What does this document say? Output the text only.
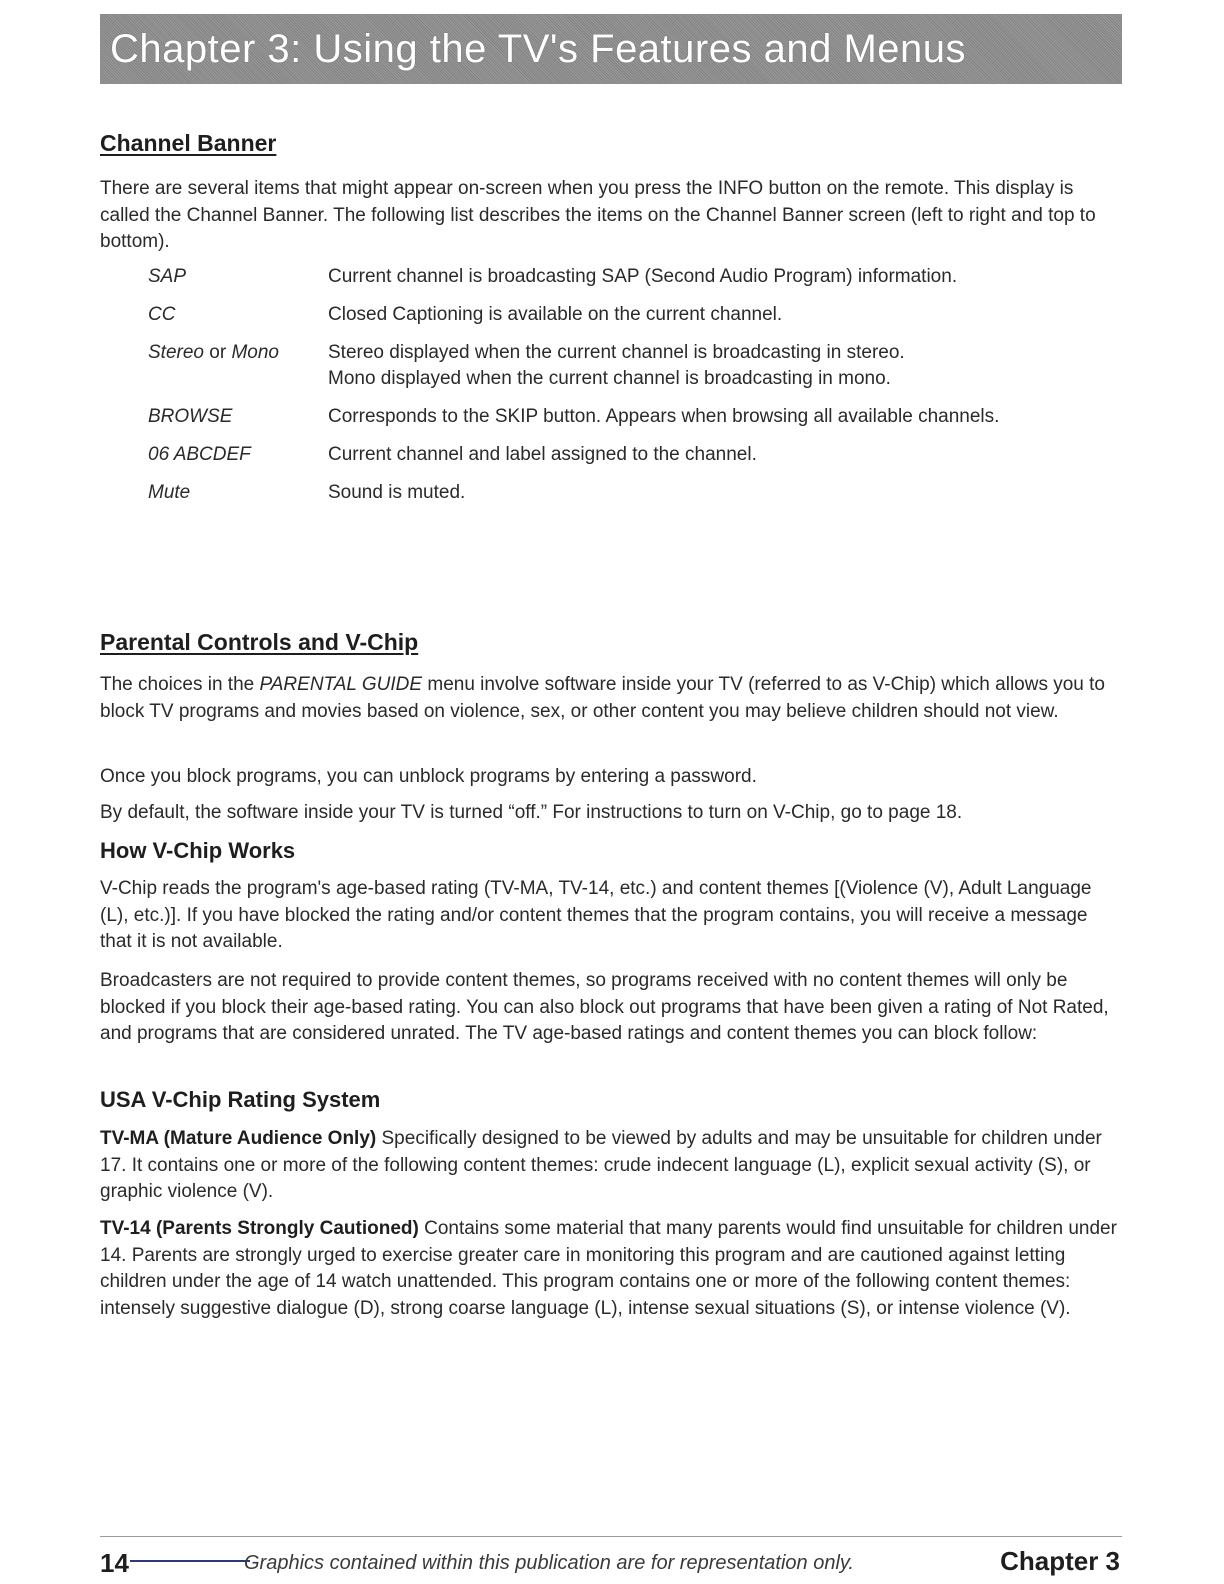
Chapter 3: Using the TV's Features and Menus
Channel Banner

There are several items that might appear on-screen when you press the INFO button on the remote. This display is called the Channel Banner. The following list describes the items on the Channel Banner screen (left to right and top to bottom).

SAP	Current channel is broadcasting SAP (Second Audio Program) information.
CC	Closed Captioning is available on the current channel.
Stereo or Mono	Stereo displayed when the current channel is broadcasting in stereo.
Mono displayed when the current channel is broadcasting in mono.
BROWSE	Corresponds to the SKIP button. Appears when browsing all available channels.
06 ABCDEF	Current channel and label assigned to the channel.
Mute	Sound is muted.
Parental Controls and V-Chip

The choices in the PARENTAL GUIDE menu involve software inside your TV (referred to as V-Chip) which allows you to block TV programs and movies based on violence, sex, or other content you may believe children should not view.

Once you block programs, you can unblock programs by entering a password.

By default, the software inside your TV is turned “off.” For instructions to turn on V-Chip, go to page 18.

How V-Chip Works

V-Chip reads the program's age-based rating (TV-MA, TV-14, etc.) and content themes [(Violence (V), Adult Language (L), etc.)]. If you have blocked the rating and/or content themes that the program contains, you will receive a message that it is not available.

Broadcasters are not required to provide content themes, so programs received with no content themes will only be blocked if you block their age-based rating. You can also block out programs that have been given a rating of Not Rated, and programs that are considered unrated. The TV age-based ratings and content themes you can block follow:

USA V-Chip Rating System

TV-MA (Mature Audience Only) Specifically designed to be viewed by adults and may be unsuitable for children under 17. It contains one or more of the following content themes: crude indecent language (L), explicit sexual activity (S), or graphic violence (V).

TV-14 (Parents Strongly Cautioned) Contains some material that many parents would find unsuitable for children under 14. Parents are strongly urged to exercise greater care in monitoring this program and are cautioned against letting children under the age of 14 watch unattended. This program contains one or more of the following content themes: intensely suggestive dialogue (D), strong coarse language (L), intense sexual situations (S), or intense violence (V).

14	Graphics contained within this publication are for representation only.	Chapter 3
